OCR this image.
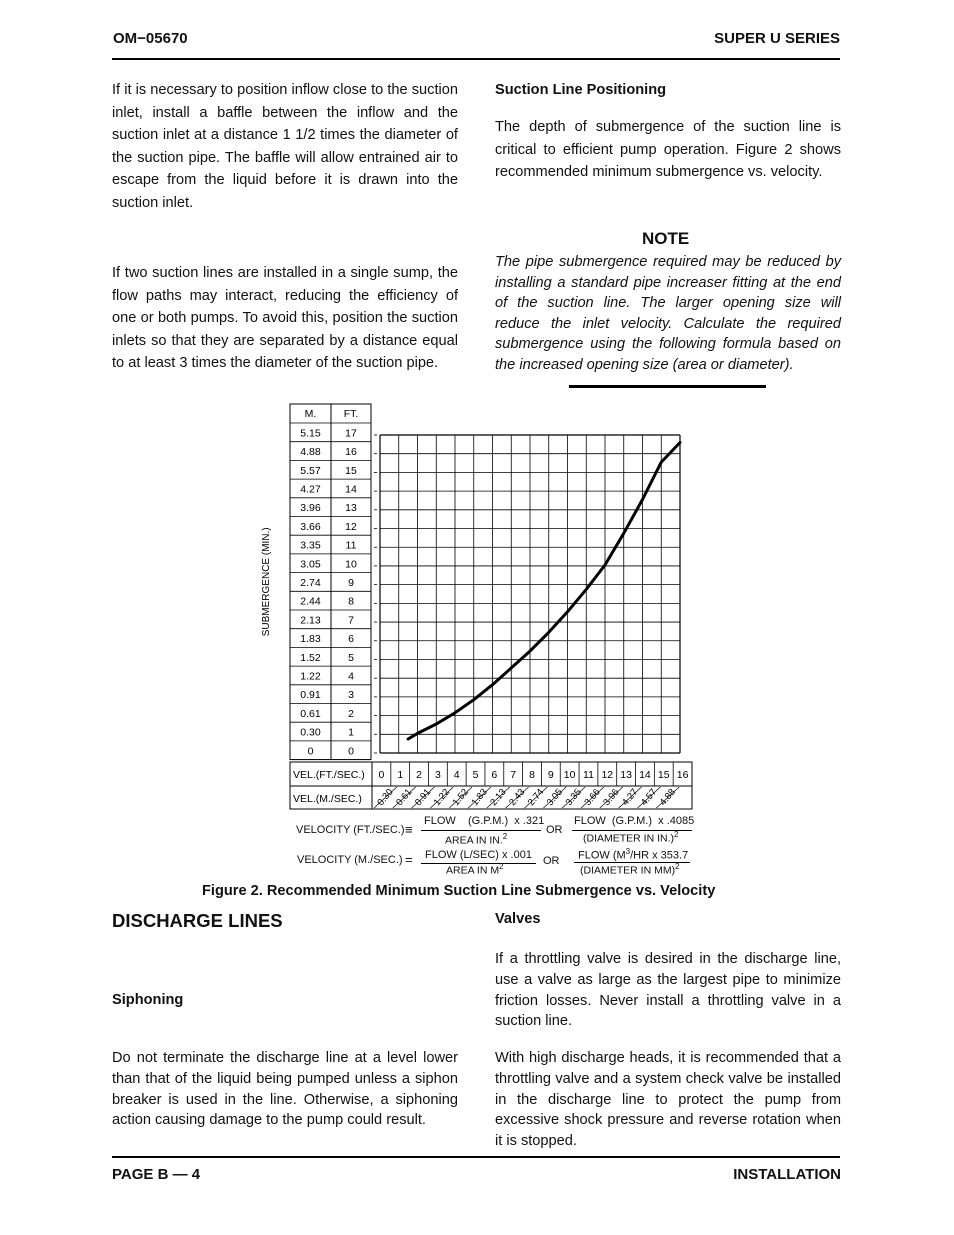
OM−05670	SUPER U SERIES
If it is necessary to position inflow close to the suction inlet, install a baffle between the inflow and the suction inlet at a distance 1 1/2 times the diameter of the suction pipe. The baffle will allow entrained air to escape from the liquid before it is drawn into the suction inlet.
If two suction lines are installed in a single sump, the flow paths may interact, reducing the efficiency of one or both pumps. To avoid this, position the suction inlets so that they are separated by a distance equal to at least 3 times the diameter of the suction pipe.
Suction Line Positioning
The depth of submergence of the suction line is critical to efficient pump operation. Figure 2 shows recommended minimum submergence vs. velocity.
NOTE
The pipe submergence required may be reduced by installing a standard pipe increaser fitting at the end of the suction line. The larger opening size will reduce the inlet velocity. Calculate the required submergence using the following formula based on the increased opening size (area or diameter).
M.	FT.
5.15 17
4.88 16
5.57 15
4.27 14
3.96 13
3.66 12
3.35 11
3.05 10
2.74	9
2.44	8
2.13	7
1.83	6
1.52	5
1.22	4
0.91	3
0.61	2
0.30	1
0	0
SUBMERGENCE (MIN.)
VEL.(FT./SEC.)
VEL.(M./SEC.)
0 1 2 3 4 5 6 7 8 9 10 11 12 13 14 15 16
0.30
0.61
0.91
1.22
1.52
1.83
2.13
2.43
2.74
3.05
3.35
3.66
3.96
4.27
4.57
4.88
VELOCITY (FT./SEC.) ≡
FLOW    (G.P.M.)  x .321
AREA IN IN.$^2$
OR
FLOW  (G.P.M.)  x .4085
(DIAMETER IN IN.)$^2$
VELOCITY (M./SEC.) = FLOW (L/SEC) x .001
AREA IN $M^2$	OR FLOW ($M^3/HR$ x 353.7
(DIAMETER IN MM)$^2$
Figure 2. Recommended Minimum Suction Line Submergence vs. Velocity
DISCHARGE LINES
Siphoning
Do not terminate the discharge line at a level lower than that of the liquid being pumped unless a siphon breaker is used in the line. Otherwise, a siphoning action causing damage to the pump could result.
Valves
If a throttling valve is desired in the discharge line, use a valve as large as the largest pipe to minimize friction losses. Never install a throttling valve in a suction line.
With high discharge heads, it is recommended that a throttling valve and a system check valve be installed in the discharge line to protect the pump from excessive shock pressure and reverse rotation when it is stopped.
PAGE B — 4	INSTALLATION
